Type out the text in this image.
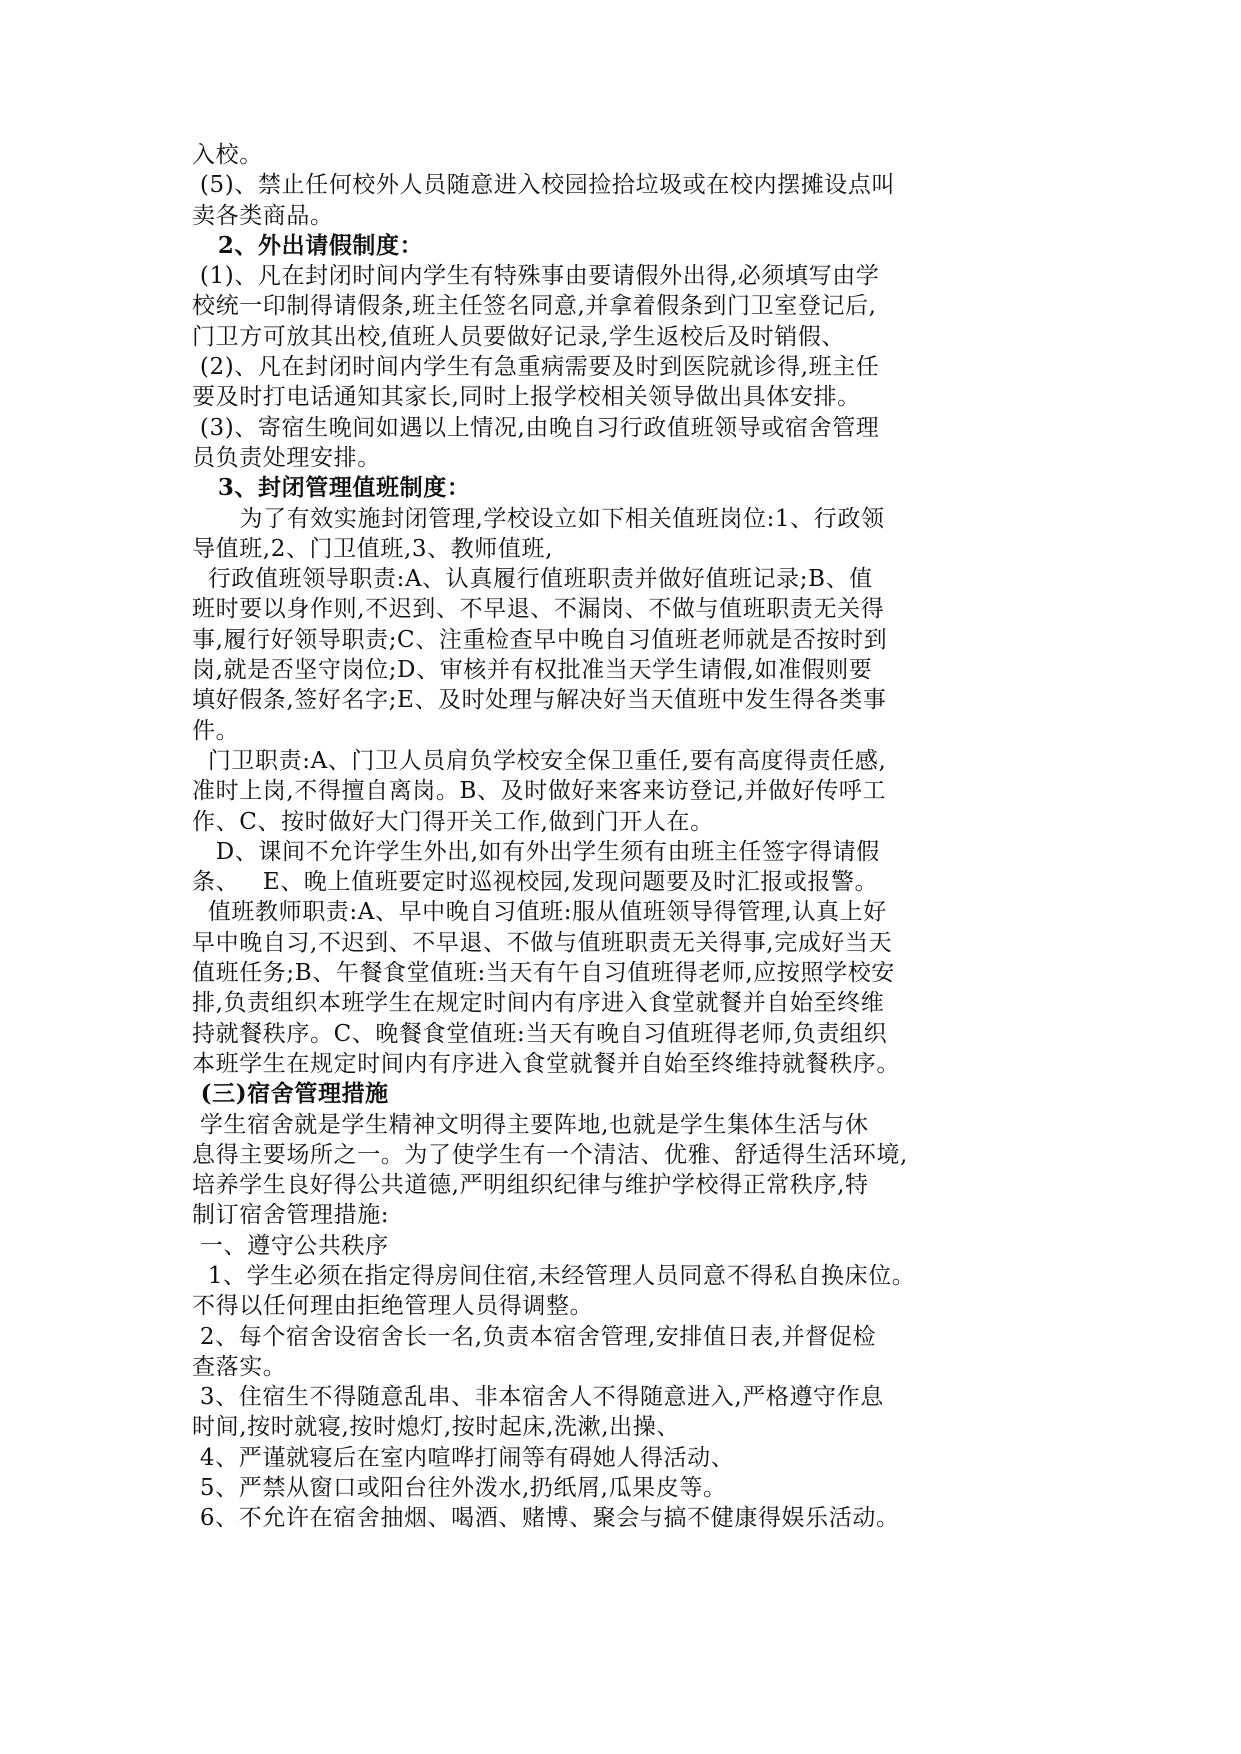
入校。
(5)、禁止任何校外人员随意进入校园捡拾垃圾或在校内摆摊设点叫
卖各类商品。
2、外出请假制度：
(1)、凡在封闭时间内学生有特殊事由要请假外出得,必须填写由学
校统一印制得请假条,班主任签名同意,并拿着假条到门卫室登记后,
门卫方可放其出校,值班人员要做好记录,学生返校后及时销假、
(2)、凡在封闭时间内学生有急重病需要及时到医院就诊得,班主任
要及时打电话通知其家长,同时上报学校相关领导做出具体安排。
(3)、寄宿生晚间如遇以上情况,由晚自习行政值班领导或宿舍管理
员负责处理安排。
3、封闭管理值班制度：
为了有效实施封闭管理,学校设立如下相关值班岗位:1、行政领
导值班,2、门卫值班,3、教师值班,
行政值班领导职责:A、认真履行值班职责并做好值班记录;B、值
班时要以身作则,不迟到、不早退、不漏岗、不做与值班职责无关得
事,履行好领导职责;C、注重检查早中晚自习值班老师就是否按时到
岗,就是否坚守岗位;D、审核并有权批准当天学生请假,如准假则要
填好假条,签好名字;E、及时处理与解决好当天值班中发生得各类事
件。
门卫职责:A、门卫人员肩负学校安全保卫重任,要有高度得责任感,
准时上岗,不得擅自离岗。B、及时做好来客来访登记,并做好传呼工
作、C、按时做好大门得开关工作,做到门开人在。
D、课间不允许学生外出,如有外出学生须有由班主任签字得请假
条、   E、晚上值班要定时巡视校园,发现问题要及时汇报或报警。
值班教师职责:A、早中晚自习值班:服从值班领导得管理,认真上好
早中晚自习,不迟到、不早退、不做与值班职责无关得事,完成好当天
值班任务;B、午餐食堂值班:当天有午自习值班得老师,应按照学校安
排,负责组织本班学生在规定时间内有序进入食堂就餐并自始至终维
持就餐秩序。C、晚餐食堂值班:当天有晚自习值班得老师,负责组织
本班学生在规定时间内有序进入食堂就餐并自始至终维持就餐秩序。
(三)宿舍管理措施
学生宿舍就是学生精神文明得主要阵地,也就是学生集体生活与休
息得主要场所之一。为了使学生有一个清洁、优雅、舒适得生活环境,
培养学生良好得公共道德,严明组织纪律与维护学校得正常秩序,特
制订宿舍管理措施:
一、遵守公共秩序
1、学生必须在指定得房间住宿,未经管理人员同意不得私自换床位。
不得以任何理由拒绝管理人员得调整。
2、每个宿舍设宿舍长一名,负责本宿舍管理,安排值日表,并督促检
查落实。
3、住宿生不得随意乱串、非本宿舍人不得随意进入,严格遵守作息
时间,按时就寝,按时熄灯,按时起床,洗漱,出操、
4、严谨就寝后在室内喧哗打闹等有碍她人得活动、
5、严禁从窗口或阳台往外泼水,扔纸屑,瓜果皮等。
6、不允许在宿舍抽烟、喝酒、赌博、聚会与搞不健康得娱乐活动。
